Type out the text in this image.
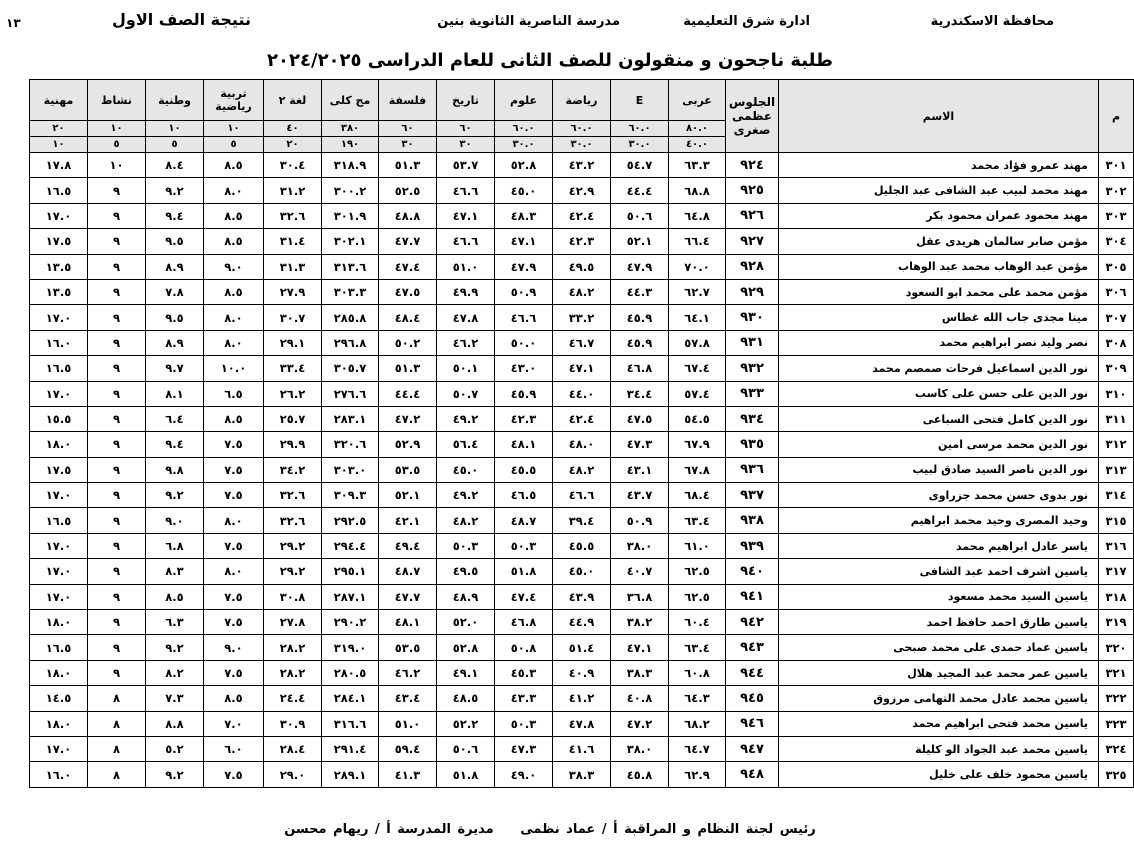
محافظة الاسكندرية
ادارة شرق التعليمية
مدرسة الناصرية الثانوية بنين
نتيجة الصف الاول
١٣
طلبة ناجحون و منقولون للصف الثانى للعام الدراسى ٢٠٢٤/٢٠٢٥
م	الاسم	الجلوس
عظمى
صغرى	عربى	E	رياضة	علوم	تاريخ	فلسفة	مج كلى	لغة ٢	تربية رياضية	وطنية	نشاط	مهنية
			٨٠.٠	٦٠.٠	٦٠.٠	٦٠.٠	٦٠	٦٠	٣٨٠	٤٠	١٠	١٠	١٠	٢٠
			٤٠.٠	٣٠.٠	٣٠.٠	٣٠.٠	٣٠	٣٠	١٩٠	٢٠	٥	٥	٥	١٠
٣٠١	مهند عمرو فؤاد محمد	٩٢٤	٦٣.٣	٥٤.٧	٤٣.٢	٥٢.٨	٥٣.٧	٥١.٣	٣١٨.٩	٣٠.٤	٨.٥	٨.٤	١٠	١٧.٨
٣٠٢	مهند محمد لبيب عبد الشافى عبد الجليل	٩٢٥	٦٨.٨	٤٤.٤	٤٢.٩	٤٥.٠	٤٦.٦	٥٢.٥	٣٠٠.٢	٣١.٢	٨.٠	٩.٢	٩	١٦.٥
٣٠٣	مهند محمود عمران محمود بكر	٩٢٦	٦٤.٨	٥٠.٦	٤٢.٤	٤٨.٣	٤٧.١	٤٨.٨	٣٠١.٩	٣٢.٦	٨.٥	٩.٤	٩	١٧.٠
٣٠٤	مؤمن صابر سالمان هريدى عقل	٩٢٧	٦٦.٤	٥٢.١	٤٢.٣	٤٧.١	٤٦.٦	٤٧.٧	٣٠٢.١	٣١.٤	٨.٥	٩.٥	٩	١٧.٥
٣٠٥	مؤمن عبد الوهاب محمد عبد الوهاب	٩٢٨	٧٠.٠	٤٧.٩	٤٩.٥	٤٧.٩	٥١.٠	٤٧.٤	٣١٣.٦	٣١.٣	٩.٠	٨.٩	٩	١٣.٥
٣٠٦	مؤمن محمد على محمد ابو السعود	٩٢٩	٦٢.٧	٤٤.٣	٤٨.٢	٥٠.٩	٤٩.٩	٤٧.٥	٣٠٣.٣	٢٧.٩	٨.٥	٧.٨	٩	١٣.٥
٣٠٧	مينا مجدى جاب الله غطاس	٩٣٠	٦٤.١	٤٥.٩	٣٣.٢	٤٦.٦	٤٧.٨	٤٨.٤	٢٨٥.٨	٣٠.٧	٨.٠	٩.٥	٩	١٧.٠
٣٠٨	نصر وليد نصر ابراهيم محمد	٩٣١	٥٧.٨	٤٥.٩	٤٦.٧	٥٠.٠	٤٦.٢	٥٠.٢	٢٩٦.٨	٢٩.١	٨.٠	٨.٩	٩	١٦.٠
٣٠٩	نور الدين اسماعيل فرحات صمصم محمد	٩٣٢	٦٧.٤	٤٦.٨	٤٧.١	٤٣.٠	٥٠.١	٥١.٣	٣٠٥.٧	٣٣.٤	١٠.٠	٩.٧	٩	١٦.٥
٣١٠	نور الدين على حسن على كاسب	٩٣٣	٥٧.٤	٣٤.٤	٤٤.٠	٤٥.٩	٥٠.٧	٤٤.٤	٢٧٦.٦	٢٦.٢	٦.٥	٨.١	٩	١٧.٠
٣١١	نور الدين كامل فتحى السباعى	٩٣٤	٥٤.٥	٤٧.٥	٤٢.٤	٤٢.٣	٤٩.٢	٤٧.٢	٢٨٣.١	٢٥.٧	٨.٥	٦.٤	٩	١٥.٥
٣١٢	نور الدين محمد مرسى امين	٩٣٥	٦٧.٩	٤٧.٣	٤٨.٠	٤٨.١	٥٦.٤	٥٢.٩	٣٢٠.٦	٢٩.٩	٧.٥	٩.٤	٩	١٨.٠
٣١٣	نور الدين ناصر السيد صادق لبيب	٩٣٦	٦٧.٨	٤٣.١	٤٨.٢	٤٥.٥	٤٥.٠	٥٣.٥	٣٠٣.٠	٣٤.٢	٧.٥	٩.٨	٩	١٧.٥
٣١٤	نور بدوى حسن محمد جزراوى	٩٣٧	٦٨.٤	٤٣.٧	٤٦.٦	٤٦.٥	٤٩.٢	٥٢.١	٣٠٩.٣	٣٢.٦	٧.٥	٩.٢	٩	١٧.٠
٣١٥	وحيد المصرى وحيد محمد ابراهيم	٩٣٨	٦٣.٤	٥٠.٩	٣٩.٤	٤٨.٧	٤٨.٢	٤٢.١	٢٩٢.٥	٣٢.٦	٨.٠	٩.٠	٩	١٦.٥
٣١٦	ياسر عادل ابراهيم محمد	٩٣٩	٦١.٠	٣٨.٠	٤٥.٥	٥٠.٣	٥٠.٣	٤٩.٤	٢٩٤.٤	٢٩.٢	٧.٥	٦.٨	٩	١٧.٠
٣١٧	ياسين اشرف احمد عبد الشافى	٩٤٠	٦٢.٥	٤٠.٧	٤٥.٠	٥١.٨	٤٩.٥	٤٨.٧	٢٩٥.١	٢٩.٢	٨.٠	٨.٣	٩	١٧.٠
٣١٨	ياسين السيد محمد مسعود	٩٤١	٦٢.٥	٣٦.٨	٤٣.٩	٤٧.٤	٤٨.٩	٤٧.٧	٢٨٧.١	٣٠.٨	٧.٥	٨.٥	٩	١٧.٠
٣١٩	ياسين طارق احمد حافظ احمد	٩٤٢	٦٠.٤	٣٨.٢	٤٤.٩	٤٦.٨	٥٢.٠	٤٨.١	٢٩٠.٢	٢٧.٨	٧.٥	٦.٣	٩	١٨.٠
٣٢٠	ياسين عماد حمدى على محمد صبحى	٩٤٣	٦٣.٤	٤٧.١	٥١.٤	٥٠.٨	٥٢.٨	٥٣.٥	٣١٩.٠	٢٨.٢	٩.٠	٩.٢	٩	١٦.٥
٣٢١	ياسين عمر محمد عبد المجيد هلال	٩٤٤	٦٠.٨	٣٨.٣	٤٠.٩	٤٥.٣	٤٩.١	٤٦.٢	٢٨٠.٥	٢٨.٢	٧.٥	٨.٢	٩	١٨.٠
٣٢٢	ياسين محمد عادل محمد التهامى مرزوق	٩٤٥	٦٤.٣	٤٠.٨	٤١.٢	٤٣.٣	٤٨.٥	٤٣.٤	٢٨٤.١	٢٤.٤	٨.٥	٧.٣	٨	١٤.٥
٣٢٣	ياسين محمد فتحى ابراهيم محمد	٩٤٦	٦٨.٢	٤٧.٢	٤٧.٨	٥٠.٣	٥٢.٢	٥١.٠	٣١٦.٦	٣٠.٩	٧.٠	٨.٨	٨	١٨.٠
٣٢٤	ياسين محمد عبد الجواد الو كليلة	٩٤٧	٦٤.٧	٣٨.٠	٤١.٦	٤٧.٣	٥٠.٦	٥٩.٤	٢٩١.٤	٢٨.٤	٦.٠	٥.٢	٨	١٧.٠
٣٢٥	ياسين محمود خلف على خليل	٩٤٨	٦٢.٩	٤٥.٨	٣٨.٣	٤٩.٠	٥١.٨	٤١.٣	٢٨٩.١	٢٩.٠	٧.٥	٩.٢	٨	١٦.٠
رئيس لجنة النظام و المراقبة أ / عماد نظمى مديرة المدرسة أ / ريهام محسن
